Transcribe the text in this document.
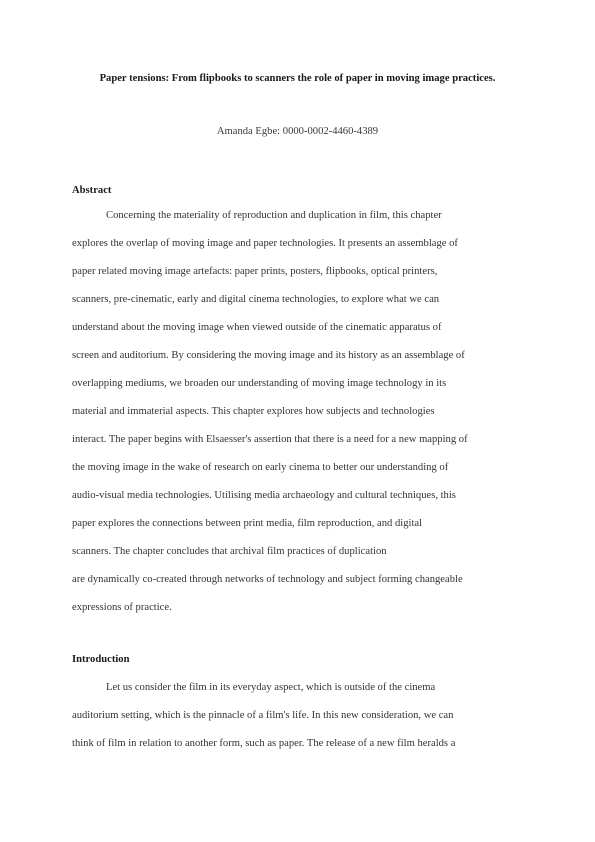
Paper tensions: From flipbooks to scanners the role of paper in moving image practices.
Amanda Egbe: 0000-0002-4460-4389
Abstract
Concerning the materiality of reproduction and duplication in film, this chapter
explores the overlap of moving image and paper technologies. It presents an assemblage of
paper related moving image artefacts: paper prints, posters, flipbooks, optical printers,
scanners, pre-cinematic, early and digital cinema technologies, to explore what we can
understand about the moving image when viewed outside of the cinematic apparatus of
screen and auditorium. By considering the moving image and its history as an assemblage of
overlapping mediums, we broaden our understanding of moving image technology in its
material and immaterial aspects. This chapter explores how subjects and technologies
interact. The paper begins with Elsaesser's assertion that there is a need for a new mapping of
the moving image in the wake of research on early cinema to better our understanding of
audio-visual media technologies. Utilising media archaeology and cultural techniques, this
paper explores the connections between print media, film reproduction, and digital
scanners. The chapter concludes that archival film practices of duplication
are dynamically co-created through networks of technology and subject forming changeable
expressions of practice.
Introduction
Let us consider the film in its everyday aspect, which is outside of the cinema
auditorium setting, which is the pinnacle of a film's life. In this new consideration, we can
think of film in relation to another form, such as paper. The release of a new film heralds a
